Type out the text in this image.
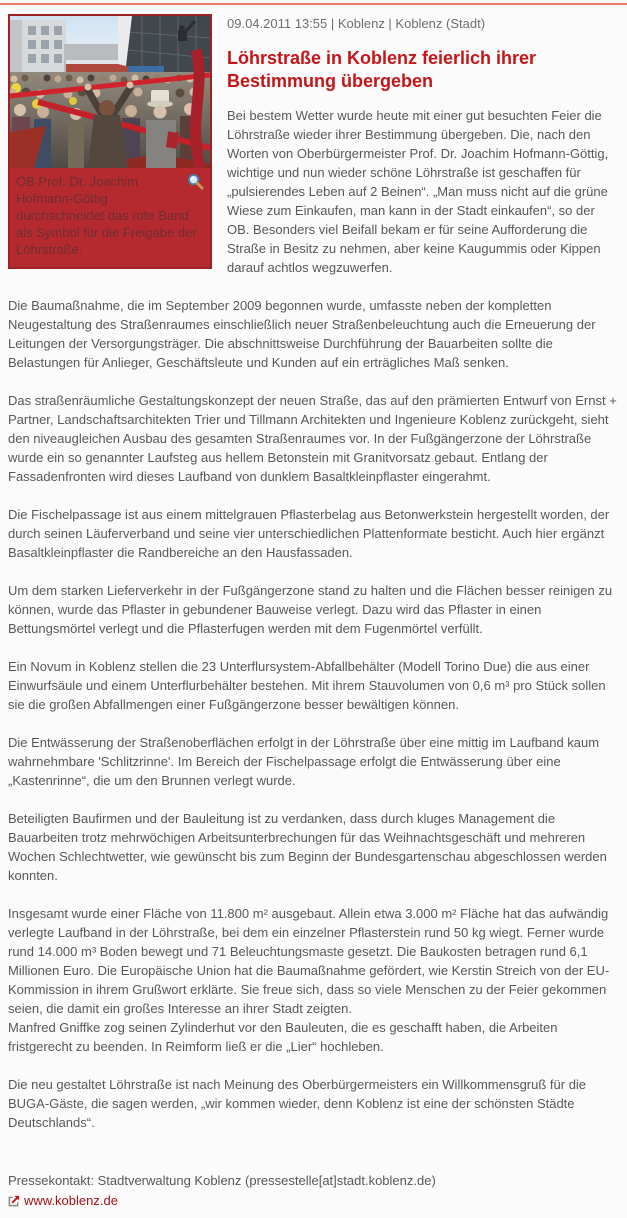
OB Prof. Dr. Joachim Hofmann-Göttig durchschneidet das rote Band als Symbol für die Freigabe der Löhrstraße.
09.04.2011 13:55 | Koblenz | Koblenz (Stadt)
Löhrstraße in Koblenz feierlich ihrer Bestimmung übergeben

Bei bestem Wetter wurde heute mit einer gut besuchten Feier die Löhrstraße wieder ihrer Bestimmung übergeben. Die, nach den Worten von Oberbürgermeister Prof. Dr. Joachim Hofmann-Göttig, wichtige und nun wieder schöne Löhrstraße ist geschaffen für „pulsierendes Leben auf 2 Beinen“. „Man muss nicht auf die grüne Wiese zum Einkaufen, man kann in der Stadt einkaufen“, so der OB. Besonders viel Beifall bekam er für seine Aufforderung die Straße in Besitz zu nehmen, aber keine Kaugummis oder Kippen darauf achtlos wegzuwerfen.

Die Baumaßnahme, die im September 2009 begonnen wurde, umfasste neben der kompletten Neugestaltung des Straßenraumes einschließlich neuer Straßenbeleuchtung auch die Erneuerung der Leitungen der Versorgungsträger. Die abschnittsweise Durchführung der Bauarbeiten sollte die Belastungen für Anlieger, Geschäftsleute und Kunden auf ein erträgliches Maß senken.

Das straßenräumliche Gestaltungskonzept der neuen Straße, das auf den prämierten Entwurf von Ernst + Partner, Landschaftsarchitekten Trier und Tillmann Architekten und Ingenieure Koblenz zurückgeht, sieht den niveaugleichen Ausbau des gesamten Straßenraumes vor. In der Fußgängerzone der Löhrstraße wurde ein so genannter Laufsteg aus hellem Betonstein mit Granitvorsatz gebaut. Entlang der Fassadenfronten wird dieses Laufband von dunklem Basaltkleinpflaster eingerahmt.

Die Fischelpassage ist aus einem mittelgrauen Pflasterbelag aus Betonwerkstein hergestellt worden, der durch seinen Läuferverband und seine vier unterschiedlichen Plattenformate besticht. Auch hier ergänzt Basaltkleinpflaster die Randbereiche an den Hausfassaden.

Um dem starken Lieferverkehr in der Fußgängerzone stand zu halten und die Flächen besser reinigen zu können, wurde das Pflaster in gebundener Bauweise verlegt. Dazu wird das Pflaster in einen Bettungsmörtel verlegt und die Pflasterfugen werden mit dem Fugenmörtel verfüllt.

Ein Novum in Koblenz stellen die 23 Unterflursystem-Abfallbehälter (Modell Torino Due) die aus einer Einwurfsäule und einem Unterflurbehälter bestehen. Mit ihrem Stauvolumen von 0,6 m³ pro Stück sollen sie die großen Abfallmengen einer Fußgängerzone besser bewältigen können.

Die Entwässerung der Straßenoberflächen erfolgt in der Löhrstraße über eine mittig im Laufband kaum wahrnehmbare 'Schlitzrinne'. Im Bereich der Fischelpassage erfolgt die Entwässerung über eine „Kastenrinne“, die um den Brunnen verlegt wurde.

Beteiligten Baufirmen und der Bauleitung ist zu verdanken, dass durch kluges Management die Bauarbeiten trotz mehrwöchigen Arbeitsunterbrechungen für das Weihnachtsgeschäft und mehreren Wochen Schlechtwetter, wie gewünscht bis zum Beginn der Bundesgartenschau abgeschlossen werden konnten.

Insgesamt wurde einer Fläche von 11.800 m² ausgebaut. Allein etwa 3.000 m² Fläche hat das aufwändig verlegte Laufband in der Löhrstraße, bei dem ein einzelner Pflasterstein rund 50 kg wiegt. Ferner wurde rund 14.000 m³ Boden bewegt und 71 Beleuchtungsmaste gesetzt. Die Baukosten betragen rund 6,1 Millionen Euro. Die Europäische Union hat die Baumaßnahme gefördert, wie Kerstin Streich von der EU-Kommission in ihrem Grußwort erklärte. Sie freue sich, dass so viele Menschen zu der Feier gekommen seien, die damit ein großes Interesse an ihrer Stadt zeigten.

Manfred Gniffke zog seinen Zylinderhut vor den Bauleuten, die es geschafft haben, die Arbeiten fristgerecht zu beenden. In Reimform ließ er die „Lier“ hochleben.

Die neu gestaltet Löhrstraße ist nach Meinung des Oberbürgermeisters ein Willkommensgruß für die BUGA-Gäste, die sagen werden, „wir kommen wieder, denn Koblenz ist eine der schönsten Städte Deutschlands“.

Pressekontakt: Stadtverwaltung Koblenz (pressestelle[at]stadt.koblenz.de)

www.koblenz.de
